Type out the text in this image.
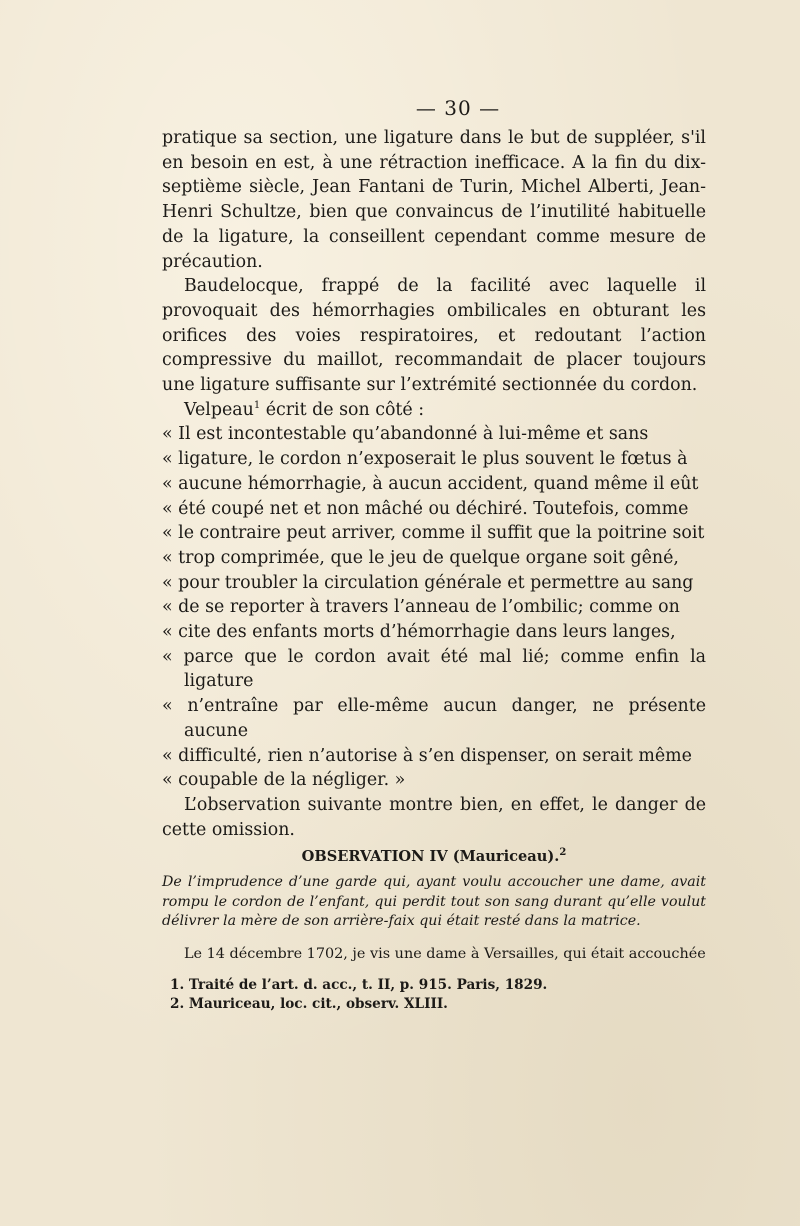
— 30 —

pratique sa section, une ligature dans le but de suppléer, s'il en besoin en est, à une rétraction inefficace. A la fin du dix-septième siècle, Jean Fantani de Turin, Michel Alberti, Jean-Henri Schultze, bien que convaincus de l’inutilité habituelle de la ligature, la conseillent cependant comme mesure de précaution.

Baudelocque, frappé de la facilité avec laquelle il provoquait des hémorrhagies ombilicales en obturant les orifices des voies respiratoires, et redoutant l’action compressive du maillot, recommandait de placer toujours une ligature suffisante sur l’extrémité sectionnée du cordon.

Velpeau$^1$ écrit de son côté :

« Il est incontestable qu’abandonné à lui-même et sans

« ligature, le cordon n’exposerait le plus souvent le fœtus à

« aucune hémorrhagie, à aucun accident, quand même il eût

« été coupé net et non mâché ou déchiré. Toutefois, comme

« le contraire peut arriver, comme il suffit que la poitrine soit

« trop comprimée, que le jeu de quelque organe soit gêné,

« pour troubler la circulation générale et permettre au sang

« de se reporter à travers l’anneau de l’ombilic; comme on

« cite des enfants morts d’hémorrhagie dans leurs langes,

« parce que le cordon avait été mal lié; comme enfin la ligature

« n’entraîne par elle-même aucun danger, ne présente aucune

« difficulté, rien n’autorise à s’en dispenser, on serait même

« coupable de la négliger. »

L’observation suivante montre bien, en effet, le danger de cette omission.

OBSERVATION IV (Mauriceau).$^2$

De l’imprudence d’une garde qui, ayant voulu accoucher une dame, avait rompu le cordon de l’enfant, qui perdit tout son sang durant qu’elle voulut délivrer la mère de son arrière-faix qui était resté dans la matrice.

Le 14 décembre 1702, je vis une dame à Versailles, qui était accouchée

1. Traité de l’art. d. acc., t. II, p. 915. Paris, 1829.

2. Mauriceau, loc. cit., observ. XLIII.
